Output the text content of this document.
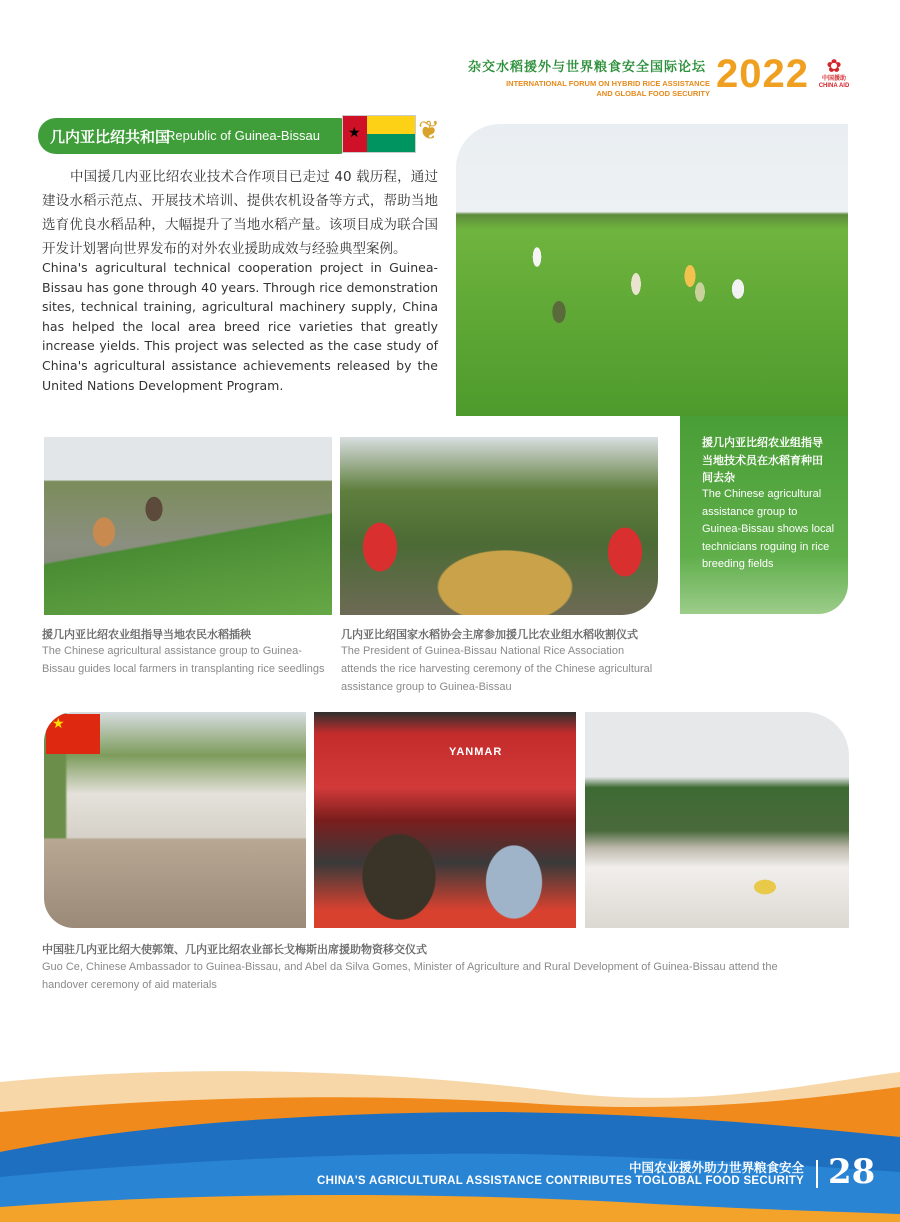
杂交水稻援外与世界粮食安全国际论坛
INTERNATIONAL FORUM ON HYBRID RICE ASSISTANCE
AND GLOBAL FOOD SECURITY 2022 ✿
中国援助
CHINA AID
几内亚比绍共和国
Republic of Guinea-Bissau ★ ❦
中国援几内亚比绍农业技术合作项目已走过 40 载历程，通过建设水稻示范点、开展技术培训、提供农机设备等方式，帮助当地选育优良水稻品种，大幅提升了当地水稻产量。该项目成为联合国开发计划署向世界发布的对外农业援助成效与经验典型案例。
China's agricultural technical cooperation project in Guinea-Bissau has gone through 40 years. Through rice demonstration sites, technical training, agricultural machinery supply, China has helped the local area breed rice varieties that greatly increase yields. This project was selected as the case study of China's agricultural assistance achievements released by the United Nations Development Program.
援几内亚比绍农业组指导当地技术员在水稻育种田间去杂
The Chinese agricultural assistance group to Guinea-Bissau shows local technicians roguing in rice breeding fields
援几内亚比绍农业组指导当地农民水稻插秧
The Chinese agricultural assistance group to Guinea-Bissau guides local farmers in transplanting rice seedlings
几内亚比绍国家水稻协会主席参加援几比农业组水稻收割仪式
The President of Guinea-Bissau National Rice Association attends the rice harvesting ceremony of the Chinese agricultural assistance group to Guinea-Bissau
★
YANMAR
中国驻几内亚比绍大使郭策、几内亚比绍农业部长戈梅斯出席援助物资移交仪式
Guo Ce, Chinese Ambassador to Guinea-Bissau, and Abel da Silva Gomes, Minister of Agriculture and Rural Development of Guinea-Bissau attend the handover ceremony of aid materials
中国农业援外助力世界粮食安全
CHINA'S AGRICULTURAL ASSISTANCE CONTRIBUTES TOGLOBAL FOOD SECURITY 28
